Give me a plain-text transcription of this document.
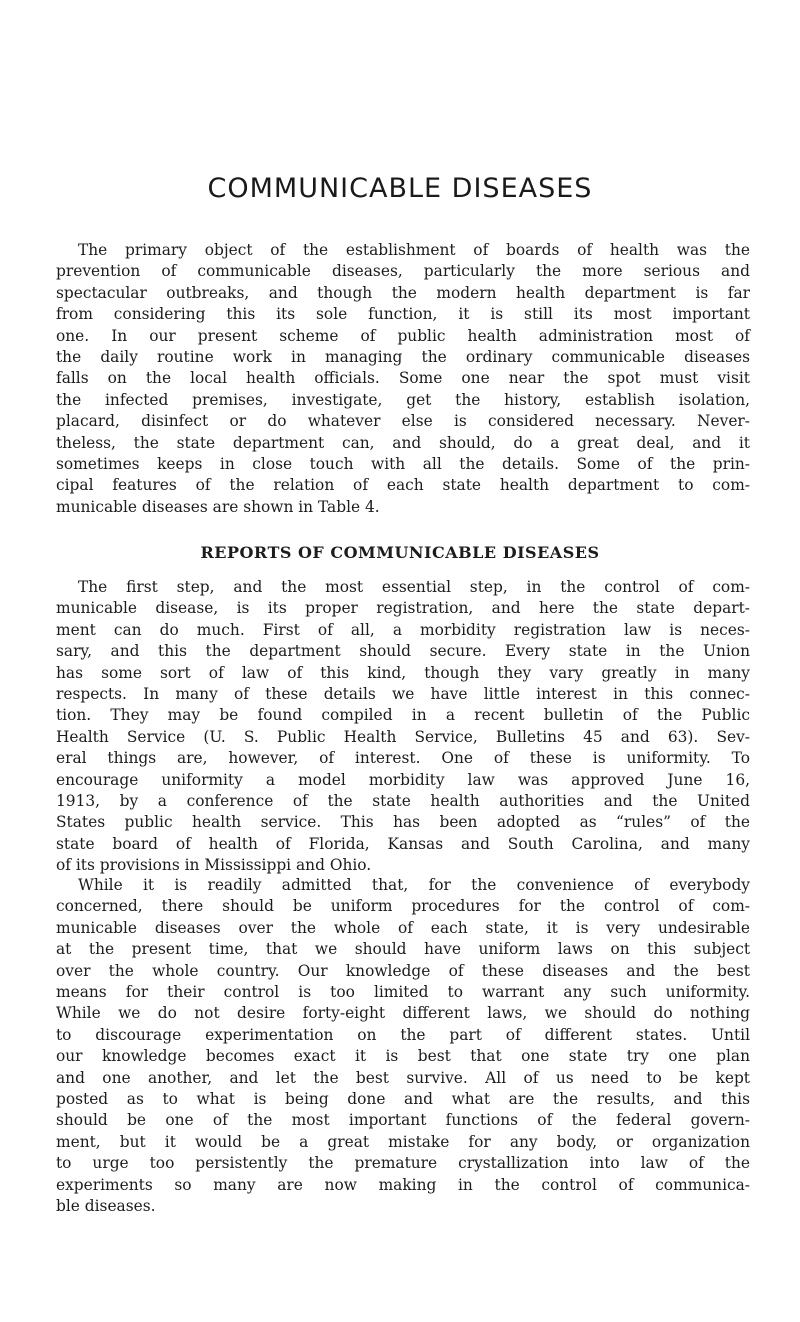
COMMUNICABLE DISEASES
The primary object of the establishment of boards of health was the
prevention of communicable diseases, particularly the more serious and
spectacular outbreaks, and though the modern health department is far
from considering this its sole function, it is still its most important
one. In our present scheme of public health administration most of
the daily routine work in managing the ordinary communicable diseases
falls on the local health officials. Some one near the spot must visit
the infected premises, investigate, get the history, establish isolation,
placard, disinfect or do whatever else is considered necessary. Never-
theless, the state department can, and should, do a great deal, and it
sometimes keeps in close touch with all the details. Some of the prin-
cipal features of the relation of each state health department to com-
municable diseases are shown in Table 4.
REPORTS OF COMMUNICABLE DISEASES
The first step, and the most essential step, in the control of com-
municable disease, is its proper registration, and here the state depart-
ment can do much. First of all, a morbidity registration law is neces-
sary, and this the department should secure. Every state in the Union
has some sort of law of this kind, though they vary greatly in many
respects. In many of these details we have little interest in this connec-
tion. They may be found compiled in a recent bulletin of the Public
Health Service (U. S. Public Health Service, Bulletins 45 and 63). Sev-
eral things are, however, of interest. One of these is uniformity. To
encourage uniformity a model morbidity law was approved June 16,
1913, by a conference of the state health authorities and the United
States public health service. This has been adopted as “rules” of the
state board of health of Florida, Kansas and South Carolina, and many
of its provisions in Mississippi and Ohio.
While it is readily admitted that, for the convenience of everybody
concerned, there should be uniform procedures for the control of com-
municable diseases over the whole of each state, it is very undesirable
at the present time, that we should have uniform laws on this subject
over the whole country. Our knowledge of these diseases and the best
means for their control is too limited to warrant any such uniformity.
While we do not desire forty-eight different laws, we should do nothing
to discourage experimentation on the part of different states. Until
our knowledge becomes exact it is best that one state try one plan
and one another, and let the best survive. All of us need to be kept
posted as to what is being done and what are the results, and this
should be one of the most important functions of the federal govern-
ment, but it would be a great mistake for any body, or organization
to urge too persistently the premature crystallization into law of the
experiments so many are now making in the control of communica-
ble diseases.
